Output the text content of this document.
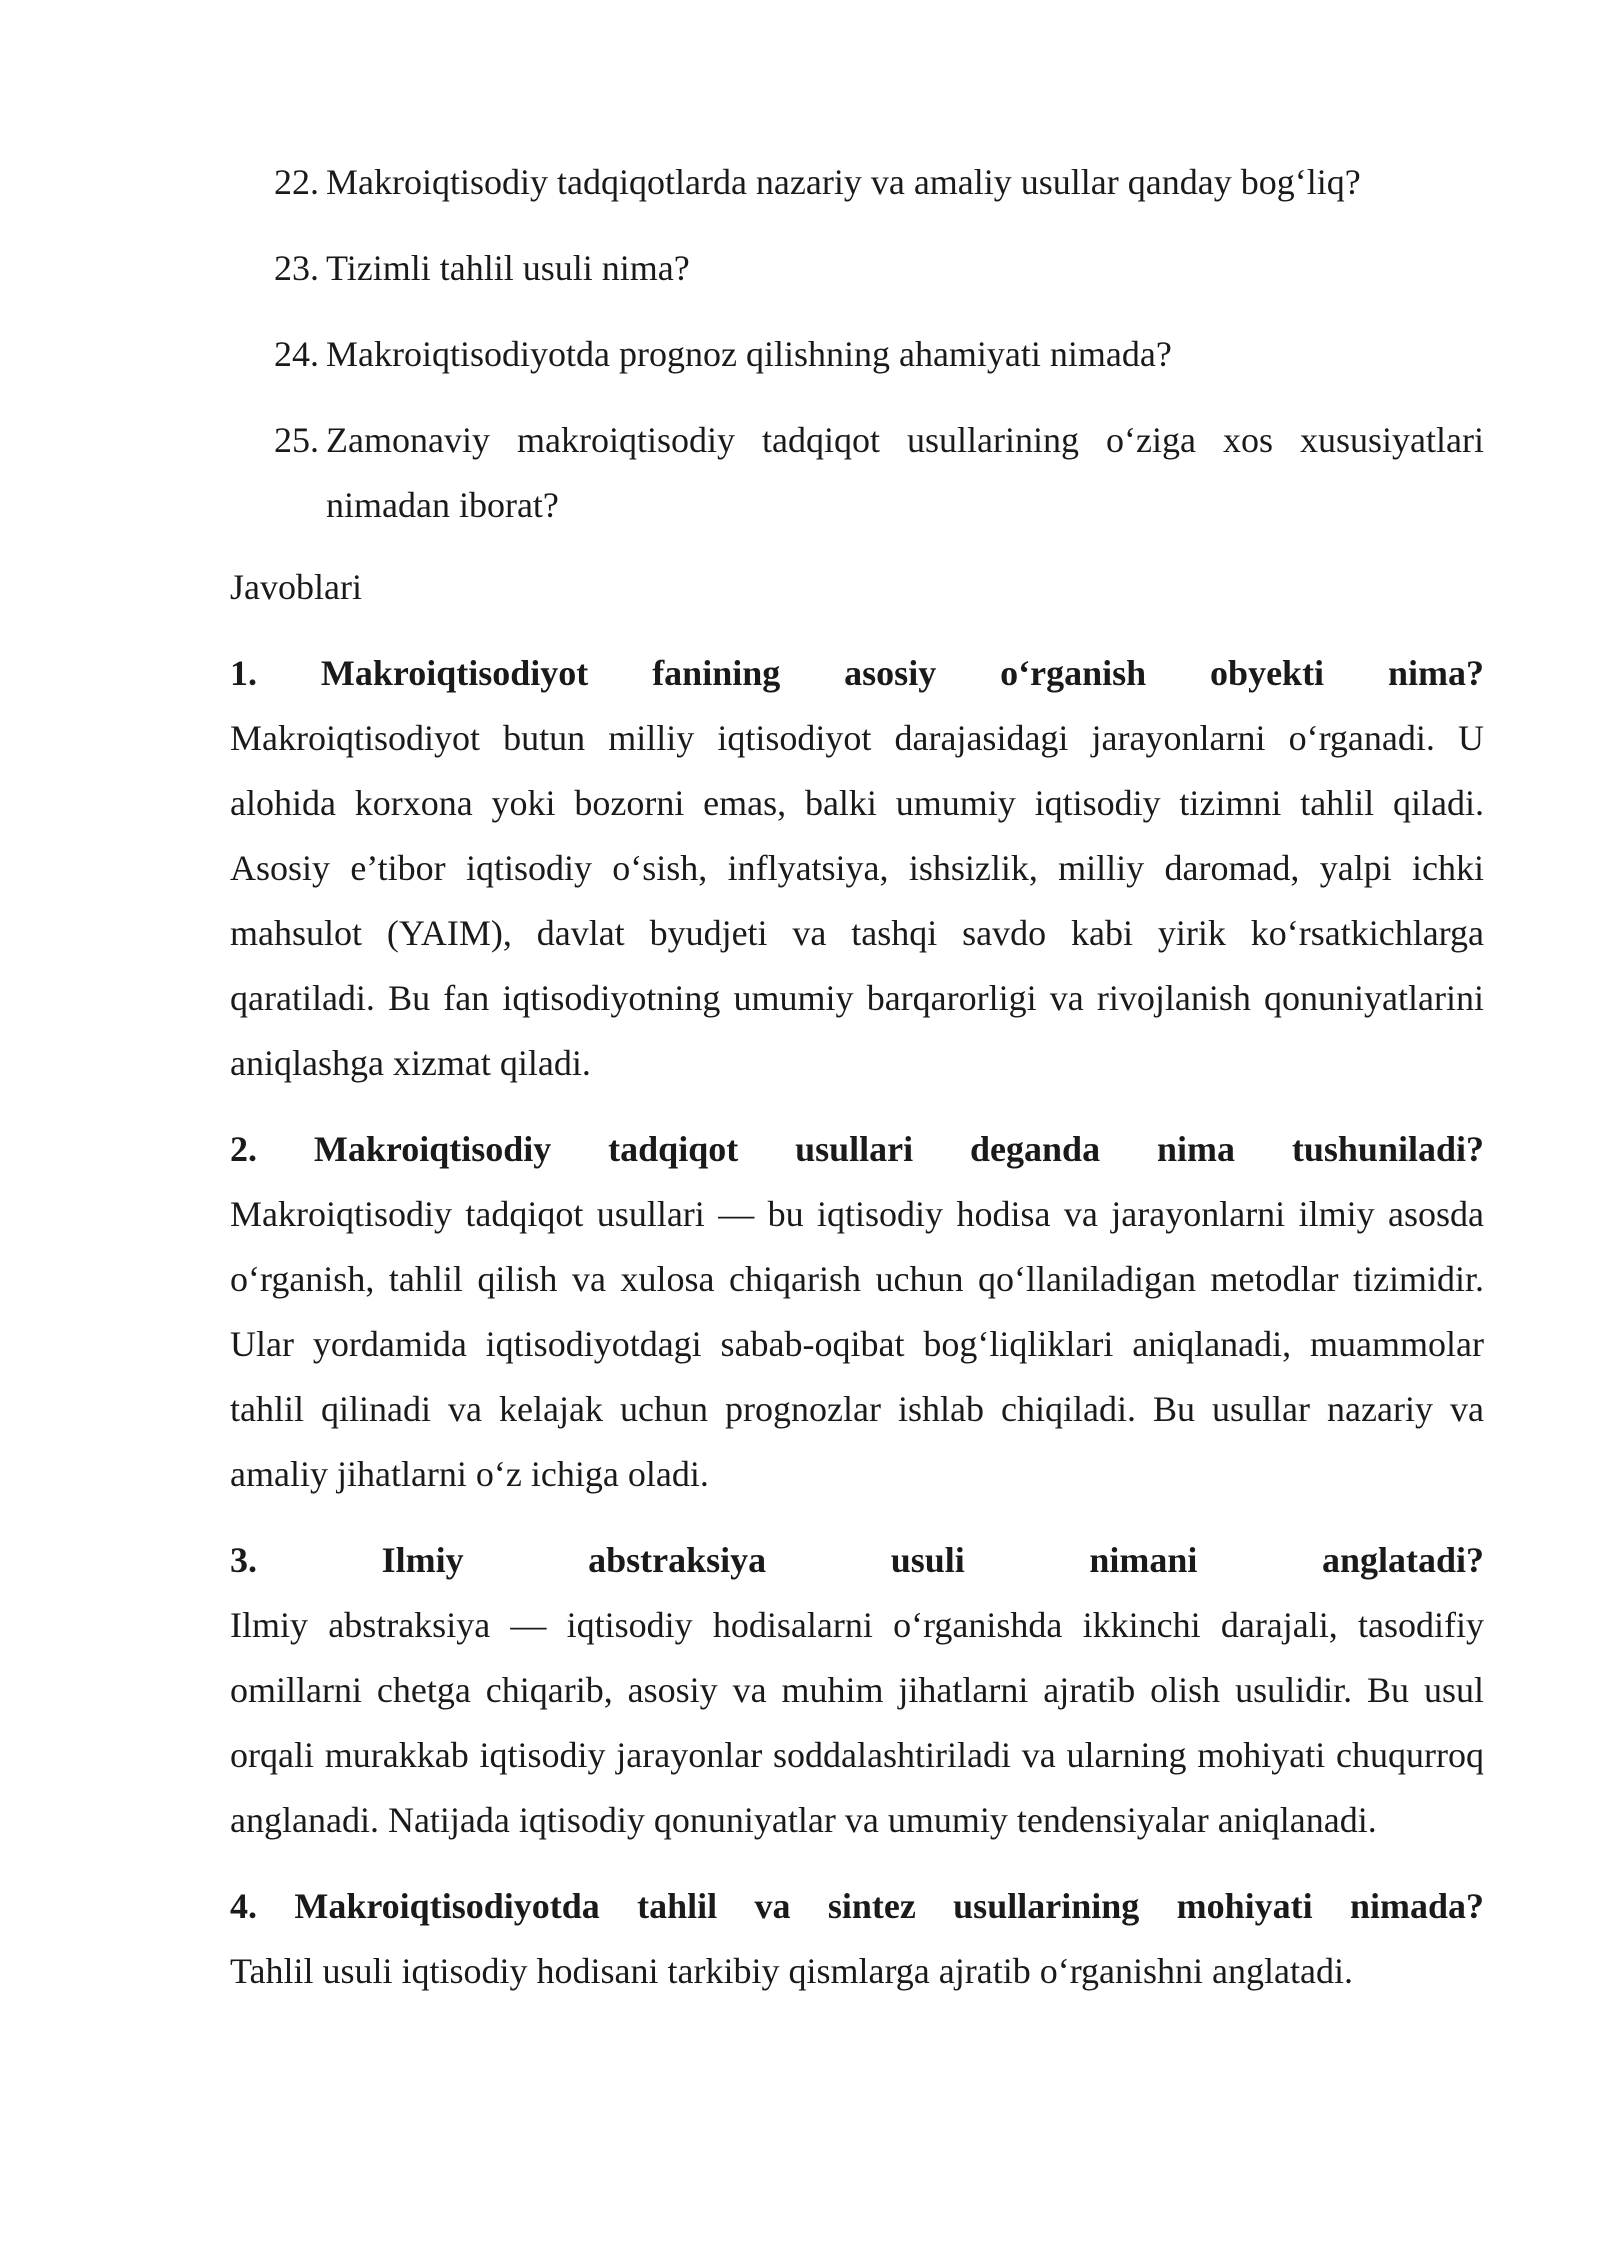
22. Makroiqtisodiy tadqiqotlarda nazariy va amaliy usullar qanday bog‘liq?
23. Tizimli tahlil usuli nima?
24. Makroiqtisodiyotda prognoz qilishning ahamiyati nimada?
25. Zamonaviy makroiqtisodiy tadqiqot usullarining o‘ziga xos xususiyatlari nimadan iborat?
Javoblari
1. Makroiqtisodiyot fanining asosiy o‘rganish obyekti nima?
Makroiqtisodiyot butun milliy iqtisodiyot darajasidagi jarayonlarni o‘rganadi. U alohida korxona yoki bozorni emas, balki umumiy iqtisodiy tizimni tahlil qiladi. Asosiy e’tibor iqtisodiy o‘sish, inflyatsiya, ishsizlik, milliy daromad, yalpi ichki mahsulot (YAIM), davlat byudjeti va tashqi savdo kabi yirik ko‘rsatkichlarga qaratiladi. Bu fan iqtisodiyotning umumiy barqarorligi va rivojlanish qonuniyatlarini aniqlashga xizmat qiladi.
2. Makroiqtisodiy tadqiqot usullari deganda nima tushuniladi?
Makroiqtisodiy tadqiqot usullari — bu iqtisodiy hodisa va jarayonlarni ilmiy asosda o‘rganish, tahlil qilish va xulosa chiqarish uchun qo‘llaniladigan metodlar tizimidir. Ular yordamida iqtisodiyotdagi sabab-oqibat bog‘liqliklari aniqlanadi, muammolar tahlil qilinadi va kelajak uchun prognozlar ishlab chiqiladi. Bu usullar nazariy va amaliy jihatlarni o‘z ichiga oladi.
3. Ilmiy abstraksiya usuli nimani anglatadi?
Ilmiy abstraksiya — iqtisodiy hodisalarni o‘rganishda ikkinchi darajali, tasodifiy omillarni chetga chiqarib, asosiy va muhim jihatlarni ajratib olish usulidir. Bu usul orqali murakkab iqtisodiy jarayonlar soddalashtiriladi va ularning mohiyati chuqurroq anglanadi. Natijada iqtisodiy qonuniyatlar va umumiy tendensiyalar aniqlanadi.
4. Makroiqtisodiyotda tahlil va sintez usullarining mohiyati nimada?
Tahlil usuli iqtisodiy hodisani tarkibiy qismlarga ajratib o‘rganishni anglatadi.
